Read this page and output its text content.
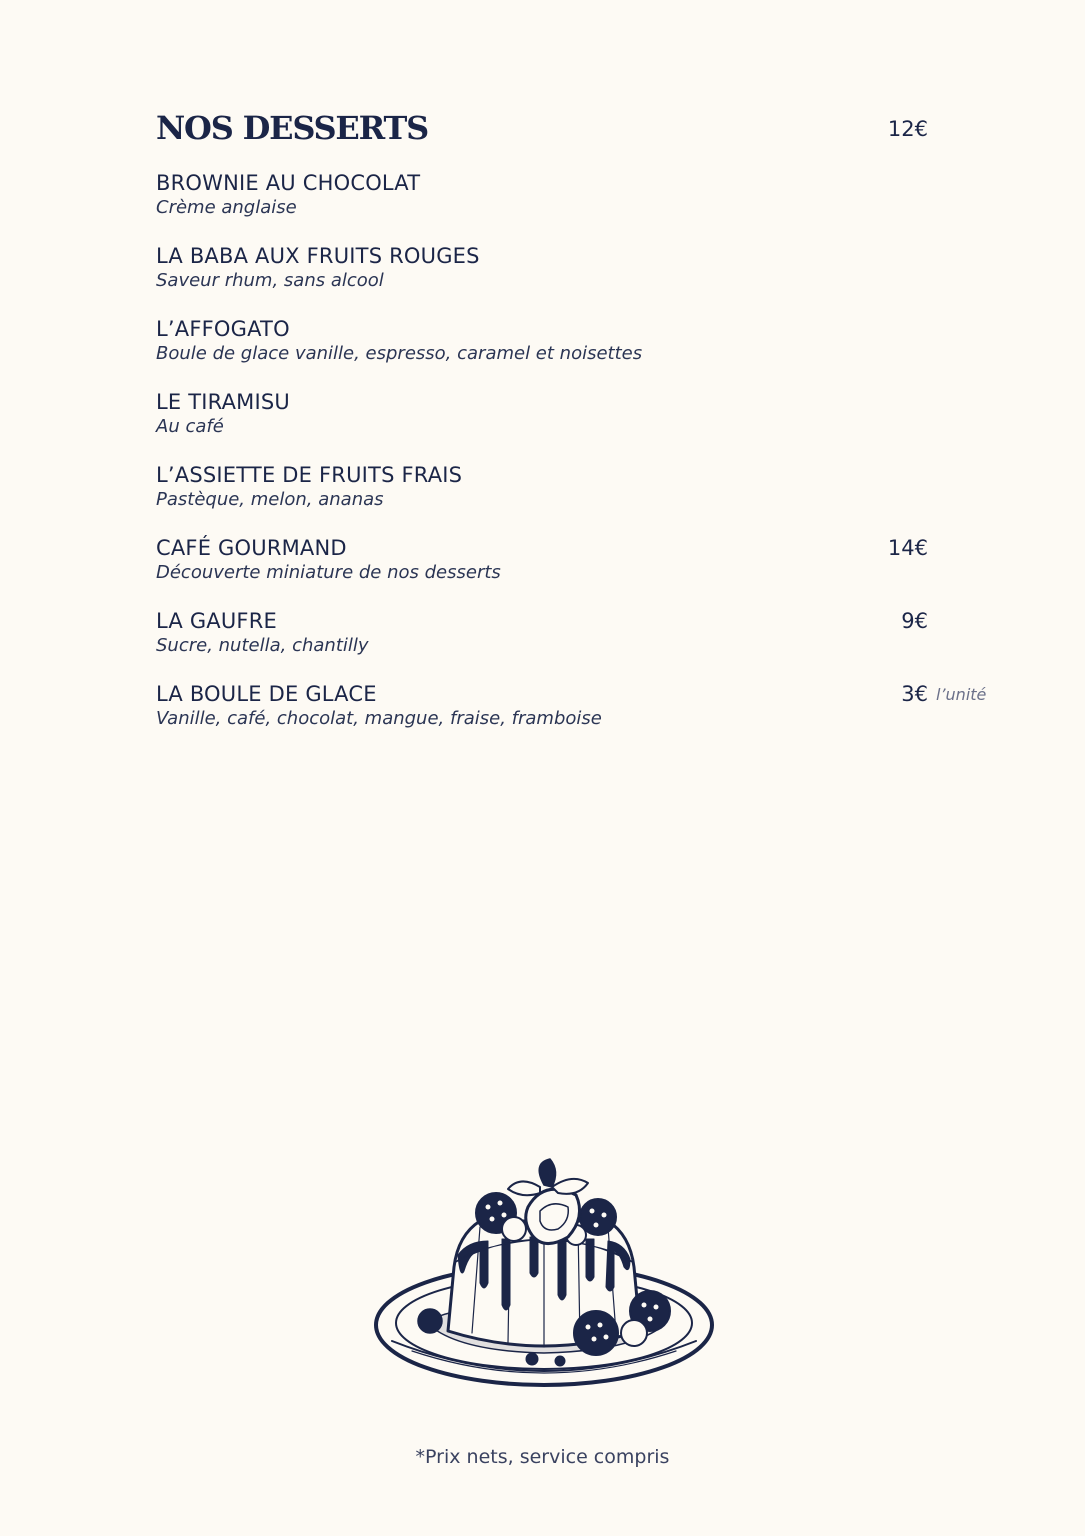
NOS DESSERTS	12€
BROWNIE AU CHOCOLAT
Crème anglaise
LA BABA AUX FRUITS ROUGES
Saveur rhum, sans alcool
L’AFFOGATO
Boule de glace vanille, espresso, caramel et noisettes
LE TIRAMISU
Au café
L’ASSIETTE DE FRUITS FRAIS
Pastèque, melon, ananas
CAFÉ GOURMAND
Découverte miniature de nos desserts
14€
LA GAUFRE
Sucre, nutella, chantilly
9€
LA BOULE DE GLACE
Vanille, café, chocolat, mangue, fraise, framboise
3€ l’unité
*Prix nets, service compris
